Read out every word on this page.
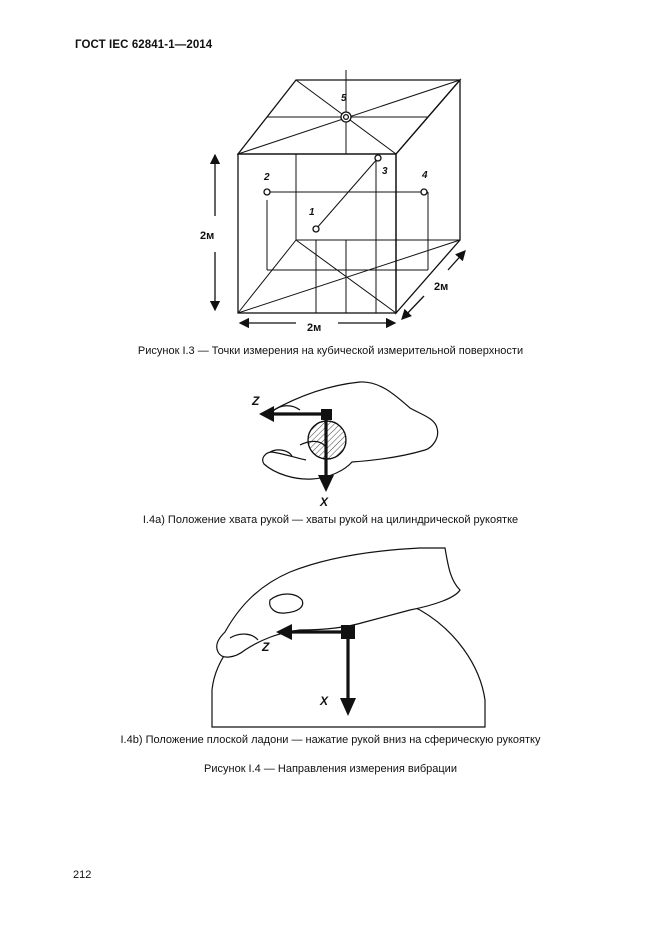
ГОСТ IEC 62841-1—2014
1
2
3	4
5
2м
2м
2м
Рисунок I.3 — Точки измерения на кубической измерительной поверхности
Z
X
I.4a) Положение хвата рукой — хваты рукой на цилиндрической рукоятке
Z
X
I.4b) Положение плоской ладони — нажатие рукой вниз на сферическую рукоятку
Рисунок I.4 — Направления измерения вибрации
212
